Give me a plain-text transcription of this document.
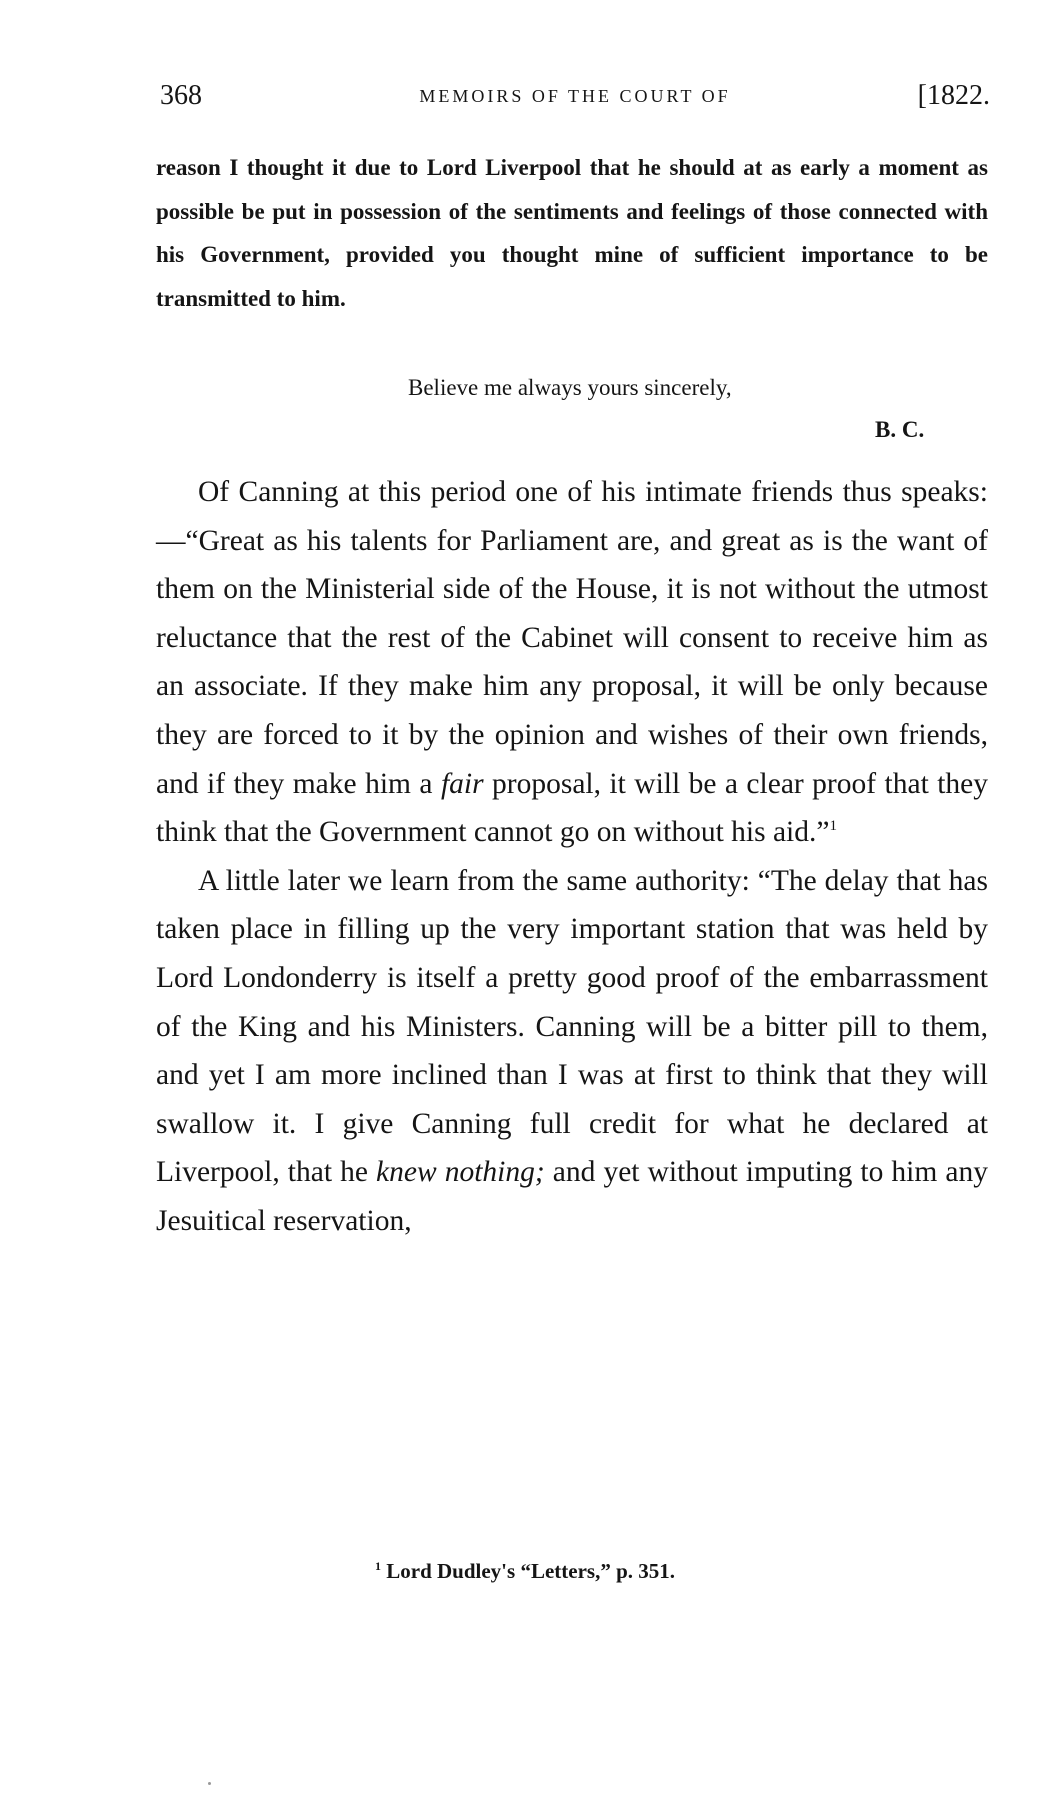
368	MEMOIRS OF THE COURT OF	[1822.

reason I thought it due to Lord Liverpool that he should at as early a moment as possible be put in possession of the sentiments and feelings of those connected with his Government, provided you thought mine of sufficient importance to be transmitted to him.

Believe me always yours sincerely,
B. C.

Of Canning at this period one of his intimate friends thus speaks:—“Great as his talents for Parliament are, and great as is the want of them on the Ministerial side of the House, it is not without the utmost reluctance that the rest of the Cabinet will consent to receive him as an associate. If they make him any proposal, it will be only because they are forced to it by the opinion and wishes of their own friends, and if they make him a fair proposal, it will be a clear proof that they think that the Government cannot go on without his aid.”$^1$

A little later we learn from the same authority: “The delay that has taken place in filling up the very important station that was held by Lord Londonderry is itself a pretty good proof of the embarrassment of the King and his Ministers. Canning will be a bitter pill to them, and yet I am more inclined than I was at first to think that they will swallow it. I give Canning full credit for what he declared at Liverpool, that he knew nothing; and yet without imputing to him any Jesuitical reservation,

$^1$ Lord Dudley's “Letters,” p. 351.
